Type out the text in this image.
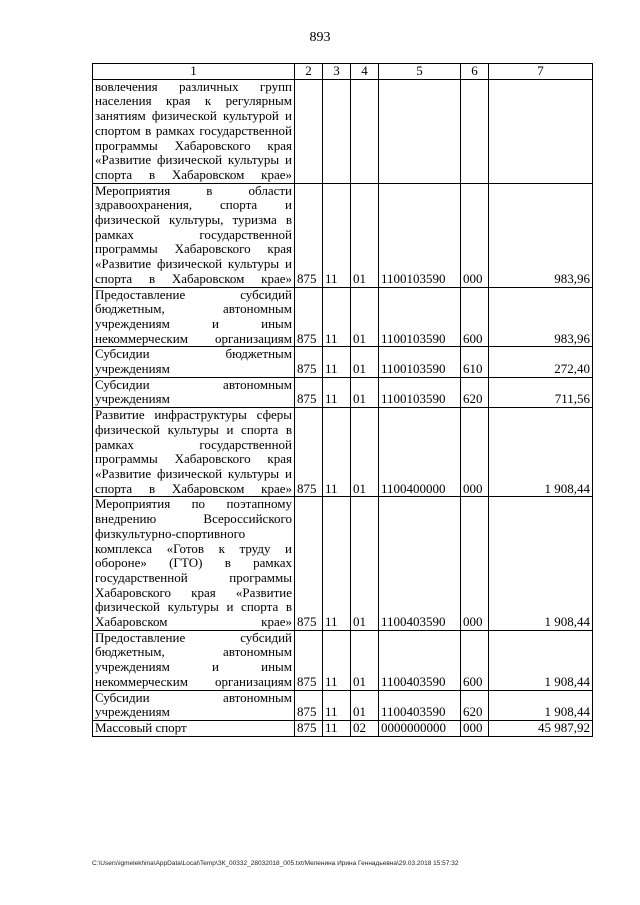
893
1	2	3	4	5	6	7
вовлечения различных групп населения края к регулярным занятиям физической культурой и спортом в рамках государственной программы Хабаровского края «Развитие физической культуры и спорта в Хабаровском крае»						
Мероприятия в области здравоохранения, спорта и физической культуры, туризма в рамках государственной программы Хабаровского края «Развитие физической культуры и спорта в Хабаровском крае»	875	11	01	1100103590	000	983,96
Предоставление субсидий бюджетным, автономным учреждениям и иным некоммерческим организациям	875	11	01	1100103590	600	983,96
Субсидии бюджетным учреждениям	875	11	01	1100103590	610	272,40
Субсидии автономным учреждениям	875	11	01	1100103590	620	711,56
Развитие инфраструктуры сферы физической культуры и спорта в рамках государственной программы Хабаровского края «Развитие физической культуры и спорта в Хабаровском крае»	875	11	01	1100400000	000	1 908,44
Мероприятия по поэтапному внедрению Всероссийского физкультурно-спортивного комплекса «Готов к труду и обороне» (ГТО) в рамках государственной программы Хабаровского края «Развитие физической культуры и спорта в Хабаровском крае»	875	11	01	1100403590	000	1 908,44
Предоставление субсидий бюджетным, автономным учреждениям и иным некоммерческим организациям	875	11	01	1100403590	600	1 908,44
Субсидии автономным учреждениям	875	11	01	1100403590	620	1 908,44
Массовый спорт	875	11	02	0000000000	000	45 987,92
C:\Users\igmelekhina\AppData\Local\Temp\ЗК_00332_28032018_005.txt/Меленина Ирина Геннадьевна\29.03.2018 15:57:32
